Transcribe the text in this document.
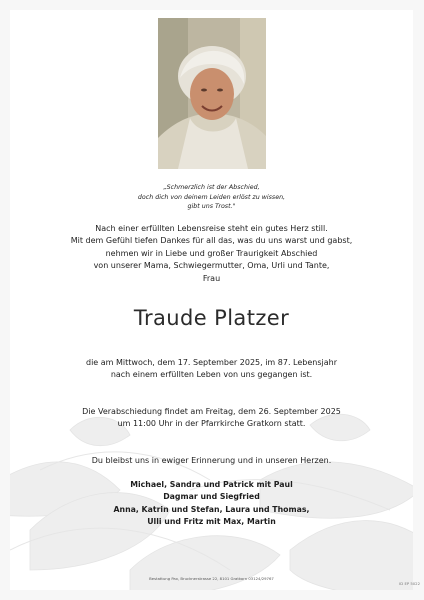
„Schmerzlich ist der Abschied,
doch dich von deinem Leiden erlöst zu wissen,
gibt uns Trost."
Nach einer erfüllten Lebensreise steht ein gutes Herz still.
Mit dem Gefühl tiefen Dankes für all das, was du uns warst und gabst,
nehmen wir in Liebe und großer Traurigkeit Abschied
von unserer Mama, Schwiegermutter, Oma, Urli und Tante,
Frau
Traude Platzer
die am Mittwoch, dem 17. September 2025, im 87. Lebensjahr
nach einem erfüllten Leben von uns gegangen ist.
Die Verabschiedung findet am Freitag, dem 26. September 2025
um 11:00 Uhr in der Pfarrkirche Gratkorn statt.
Du bleibst uns in ewiger Erinnerung und in unseren Herzen.
Michael, Sandra und Patrick mit Paul
Dagmar und Siegfried
Anna, Katrin und Stefan, Laura und Thomas,
Ulli und Fritz mit Max, Martin
Bestattung Pax, Brucknerstrasse 22, 8101 Gratkorn 03124/29767
ID EP 5022
